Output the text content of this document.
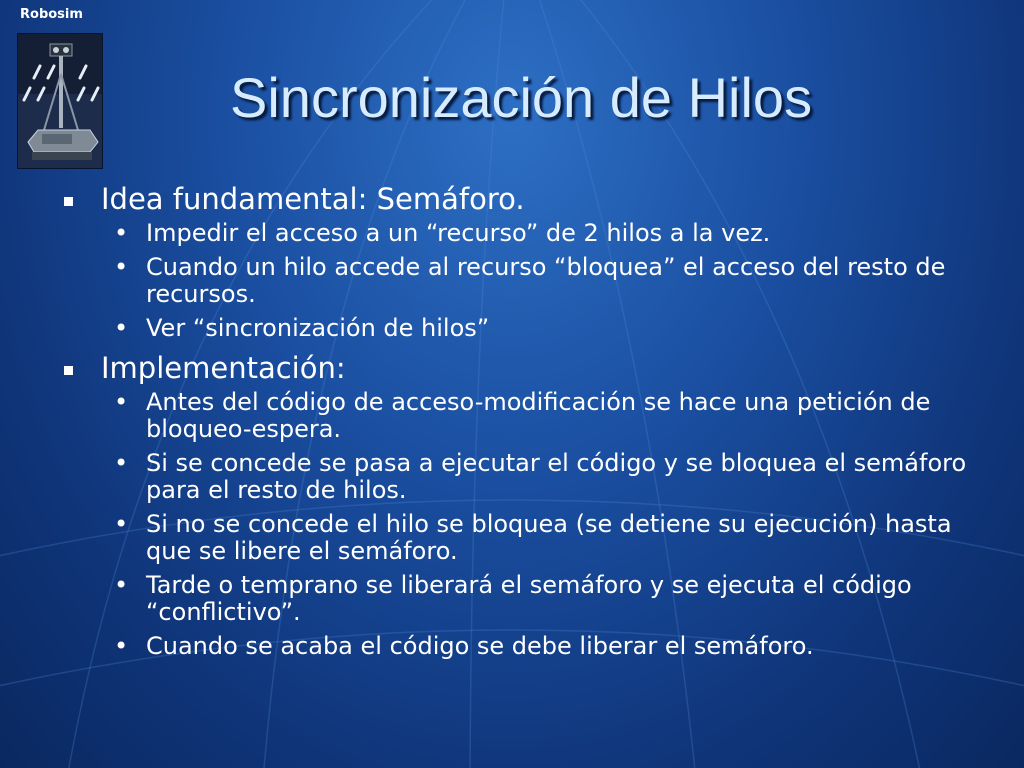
Robosim
Sincronización de Hilos
Idea fundamental: Semáforo.
• Impedir el acceso a un “recurso” de 2 hilos a la vez.
• Cuando un hilo accede al recurso “bloquea” el acceso del resto de recursos.
• Ver “sincronización de hilos”
Implementación:
• Antes del código de acceso-modificación se hace una petición de bloqueo-espera.
• Si se concede se pasa a ejecutar el código y se bloquea el semáforo para el resto de hilos.
• Si no se concede el hilo se bloquea (se detiene su ejecución) hasta que se libere el semáforo.
• Tarde o temprano se liberará el semáforo y se ejecuta el código “conflictivo”.
• Cuando se acaba el código se debe liberar el semáforo.
